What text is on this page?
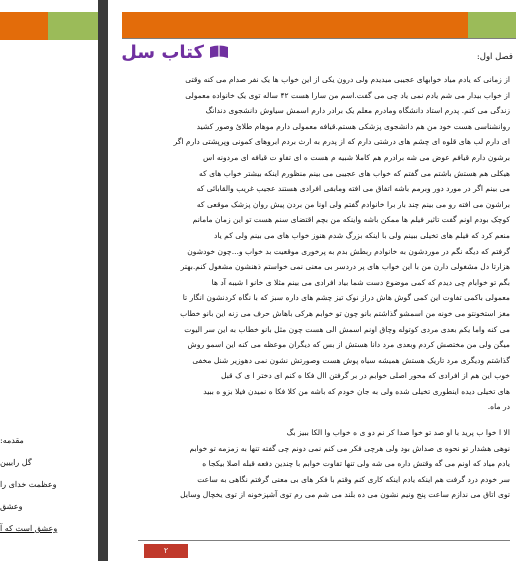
مقدمه:
گل رابیین
وعظمت خدای را
وعشق
وعشق است که آ
کتاب سل	فصل اول:

از زمانی که یادم میاد خوابهای عجیبی میدیدم ولی درون یکی از این خواب ها یک نفر صدام می کنه وقتی

از خواب بیدار می شم یادم نمی یاد چی می گفت.اسم من سارا هست ۴۲ ساله توی یک خانواده معمولی

زندگی می کنم. پدرم استاد دانشگاه ومادرم معلم یک برادر دارم اسمش سیاوش دانشجوی دندانگ

روانشناسی هست خود من هم دانشجوی پزشکی هستم.قیافه معمولی دارم موهام طلائ وصور کشید

ای دارم لب های قلوه ای چشم های درشتی دارم که از پدرم به ارث بردم ابروهای کمونی وپرپشتی دارم اگر

برشون دارم قیافم عوض می شه برادرم هم کاملا شبیه م هست ه ای تفاو ت قیافه ای مردونه اس

هیکلی هم هستش باشتم می گفتم که خواب های عجیبی می بینم منظورم اینکه بیشتر خواب های که

می بینم اگر در مورد دور وبرمم باشه اتفاق می افته ومابقی افرادی هستند عجیب غریب والقابائی که

براشون می افته رو می بینم چند بار برا خانوادم گفتم ولی اونا من بردن پیش روان پزشک موقعی که

کوچک بودم اونم گفت تاثیر فیلم ها ممکن باشه واینکه من بچم اقتضای سنم هست تو این زمان مامانم

منعم کرد که فیلم های تخیلی ببینم ولی با اینکه بزرگ شدم هنوز خواب های می بینم ولی کم یاد

گرفتم که دیگه نگم در موردشون به خانوادم ربطش بدم به پرخوری موقعیت بد خواب و...چون خودشون

هزارتا دل مشغولی دارن من با این خواب های پر دردسر بی معنی نمی خواستم ذهنشون مشغول کنم.بهتر

بگم تو خوابام چی دیدم که کمی موضوع دست شما بیاد افرادی می بینم مثلا ی خانو ا شیبه آد ها

معمولی باکمی تفاوت این کمی گوش هاش دراز نوک تیز چشم های داره سبز که با نگاه کردنشون انگار تا

مغز استخونتو می خونه من اسمشو گذاشتم بانو چون تو خوابم هرکی باهاش حرف می زنه این بانو خطاب

می کنه واما یکم بعدی مردی کوتوله وچاق اونم اسمش الی هست چون مثل بانو خطاب به این سر الیوت

میگن ولی من مختصش کردم وبعدی مرد دانا هستش از بس که دیگران موعظه می کنه این اسمو روش

گذاشتم ودیگری مرد تاریک هستش همیشه سیاه پوش هست وصورتش نشون نمی دهوزیر شنل مخفی

خوب این هم از افرادی که محور اصلی خوابم در بر گرفتن اال فکا ه کنم ای دختر ا ی ک قبل

های تخیلی دیده اینطوری تخیلی شده ولی به جان خودم که باشه من کلا فکا ه نمیدن فیلا بزو ه ببید

در ماه.

الا ا خوا ب پرید با او صد تو خوا صدا کر نم دو ی ه خواب وا الکا ببیز بگ

نوهی هشدار تو نحوه ی صداش بود ولی هرچی فکر می کنم نمی دونم چی گفته تنها به زمزمه تو خوابم

یادم میاد که اونم می گه وقتش داره می شه ولی تنها تفاوت خوابم با چندین دفعه قبله اصلا بیکجا ه

سر خودم درد گرفت هم اینکه یادم اینکه کاری کنم وقتم با فکر های بی معنی گرفتم نگاهی به ساعت

توی اتاق می ندازم ساعت پنج ونیم نشون می ده بلند می شم می رم توی آشپزخونه از توی یخچال وسایل

۲
